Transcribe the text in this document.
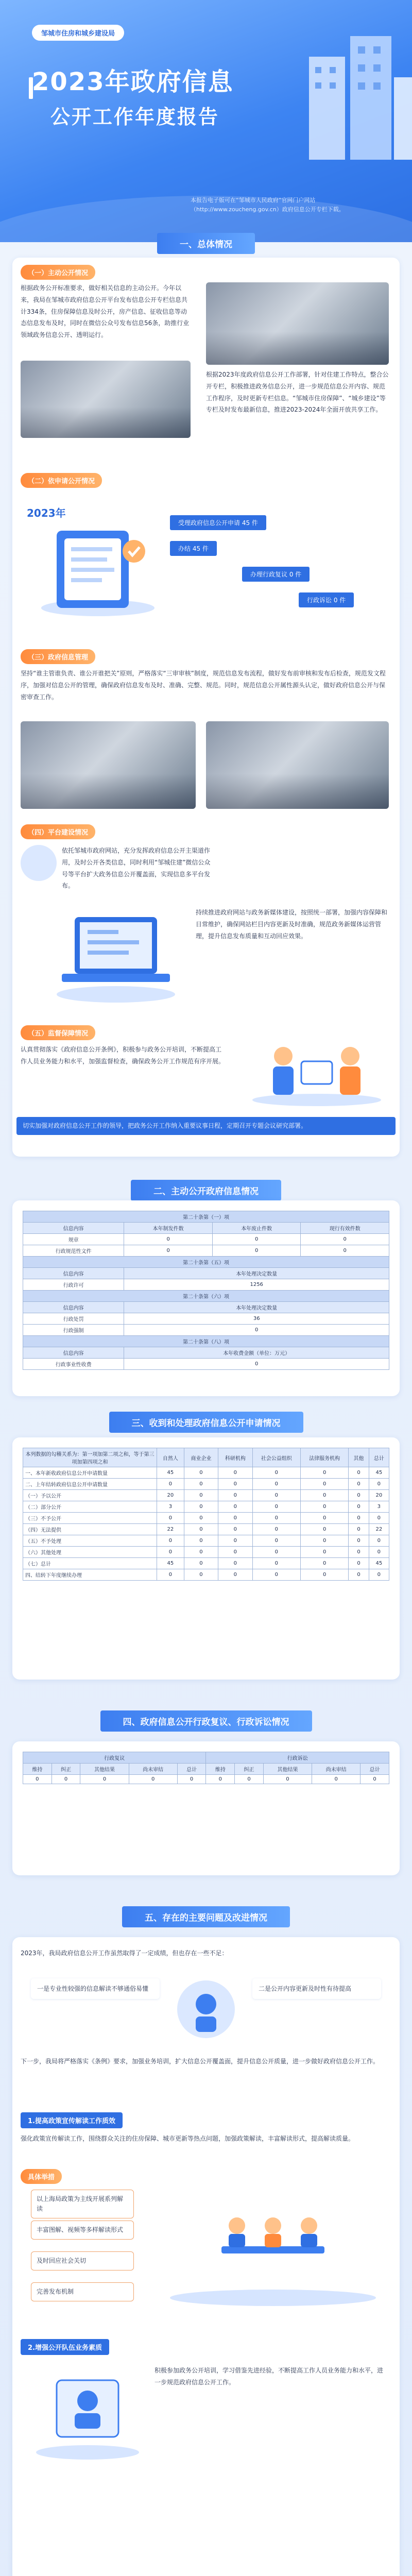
邹城市住房和城乡建设局
2023年政府信息
公开工作年度报告
本报告电子版可在“邹城市人民政府”官网门户网站（http://www.zoucheng.gov.cn）政府信息公开专栏下载。
一、总体情况
（一）主动公开情况
根据政务公开标准要求，做好相关信息的主动公开。今年以来，我局在邹城市政府信息公开平台发布信息公开专栏信息共计334条，住房保障信息及时公开，房产信息、征收信息等动态信息发布及时，同时在微信公众号发布信息56条，助推行业领域政务信息公开、透明运行。
根据2023年度政府信息公开工作部署，针对住建工作特点，整合公开专栏，积极推进政务信息公开，进一步规范信息公开内容、规范工作程序，及时更新专栏信息。“邹城市住房保障”、“城乡建设”等专栏及时发布最新信息，推进2023-2024年全面开放共享工作。
（二）依申请公开情况
2023年
受理政府信息公开申请 45 件
办结 45 件
办理行政复议 0 件
行政诉讼 0 件
（三）政府信息管理
坚持“谁主管谁负责、谁公开谁把关”原则，严格落实“三审审核”制度，规范信息发布流程，做好发布前审核和发布后检查，规范发文程序，加强对信息公开的管理，确保政府信息发布及时、准确、完整、规范。同时，规范信息公开属性源头认定，做好政府信息公开与保密审查工作。
（四）平台建设情况
依托邹城市政府网站，充分发挥政府信息公开主渠道作用，及时公开各类信息，同时利用“邹城住建”微信公众号等平台扩大政务信息公开覆盖面，实现信息多平台发布。
持续推进政府网站与政务新媒体建设，按照统一部署，加强内容保障和日常维护，确保网站栏目内容更新及时准确，规范政务新媒体运营管理，提升信息发布质量和互动回应效果。
（五）监督保障情况
认真贯彻落实《政府信息公开条例》，积极参与政务公开培训，不断提高工作人员业务能力和水平，加强监督检查，确保政务公开工作规范有序开展。
切实加强对政府信息公开工作的领导，把政务公开工作纳入重要议事日程，定期召开专题会议研究部署。
二、主动公开政府信息情况
第二十条第（一）项			
信息内容	本年制发件数	本年废止件数	现行有效件数
规章	0	0	0
行政规范性文件	0	0	0
第二十条第（五）项			
信息内容	本年处理决定数量		
行政许可	1256		
第二十条第（六）项			
信息内容	本年处理决定数量		
行政处罚	36		
行政强制	0		
第二十条第（八）项			
信息内容	本年收费金额（单位：万元）		
行政事业性收费	0		
三、收到和处理政府信息公开申请情况
本列数据的勾稽关系为：第一项加第二项之和，等于第三项加第四项之和	自然人	商业企业	科研机构	社会公益组织	法律服务机构	其他	总计
一、本年新收政府信息公开申请数量	45	0	0	0	0	0	45
二、上年结转政府信息公开申请数量	0	0	0	0	0	0	0
（一）予以公开	20	0	0	0	0	0	20
（二）部分公开	3	0	0	0	0	0	3
（三）不予公开	0	0	0	0	0	0	0
（四）无法提供	22	0	0	0	0	0	22
（五）不予处理	0	0	0	0	0	0	0
（六）其他处理	0	0	0	0	0	0	0
（七）总计	45	0	0	0	0	0	45
四、结转下年度继续办理	0	0	0	0	0	0	0
四、政府信息公开行政复议、行政诉讼情况
行政复议					行政诉讼				
维持	纠正	其他结果	尚未审结	总计	维持	纠正	其他结果	尚未审结	总计
0	0	0	0	0	0	0	0	0	0
五、存在的主要问题及改进情况
2023年，我局政府信息公开工作虽然取得了一定成绩，但也存在一些不足：
一是专业性较强的信息解读不够通俗易懂	二是公开内容更新及时性有待提高
下一步，我局将严格落实《条例》要求，加强业务培训，扩大信息公开覆盖面，提升信息公开质量，进一步做好政府信息公开工作。
1.提高政策宣传解读工作质效
强化政策宣传解读工作，围绕群众关注的住房保障、城市更新等热点问题，加强政策解读，丰富解读形式，提高解读质量。
具体举措
以上海局政策为主线开展系列解读
丰富图解、视频等多样解读形式
及时回应社会关切
完善发布机制
2.增强公开队伍业务素质
积极参加政务公开培训，学习借鉴先进经验，不断提高工作人员业务能力和水平，进一步规范政府信息公开工作。
